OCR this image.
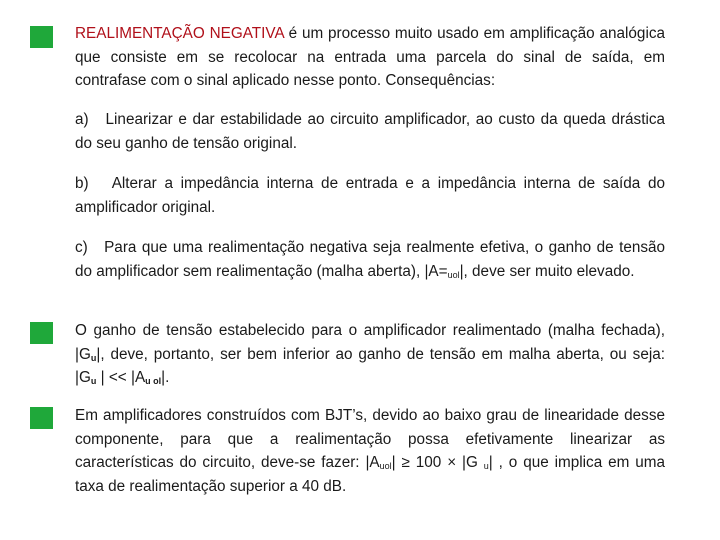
REALIMENTAÇÃO NEGATIVA é um processo muito usado em amplificação analógica que consiste em se recolocar na entrada uma parcela do sinal de saída, em contrafase com o sinal aplicado nesse ponto. Consequências:
a) Linearizar e dar estabilidade ao circuito amplificador, ao custo da queda drástica do seu ganho de tensão original.
b) Alterar a impedância interna de entrada e a impedância interna de saída do amplificador original.
c) Para que uma realimentação negativa seja realmente efetiva, o ganho de tensão do amplificador sem realimentação (malha aberta), $|A=_{uol}|$, deve ser muito elevado.
O ganho de tensão estabelecido para o amplificador realimentado (malha fechada), $|G_u|$, deve, portanto, ser bem inferior ao ganho de tensão em malha aberta, ou seja: $|G_u$ | << $|A_{u ol}|$.
Em amplificadores construídos com BJT’s, devido ao baixo grau de linearidade desse componente, para que a realimentação possa efetivamente linearizar as características do circuito, deve-se fazer: $|A_{uol}| \ge 100 \times |G$ $_u$| , o que implica em uma taxa de realimentação superior a 40 dB.
